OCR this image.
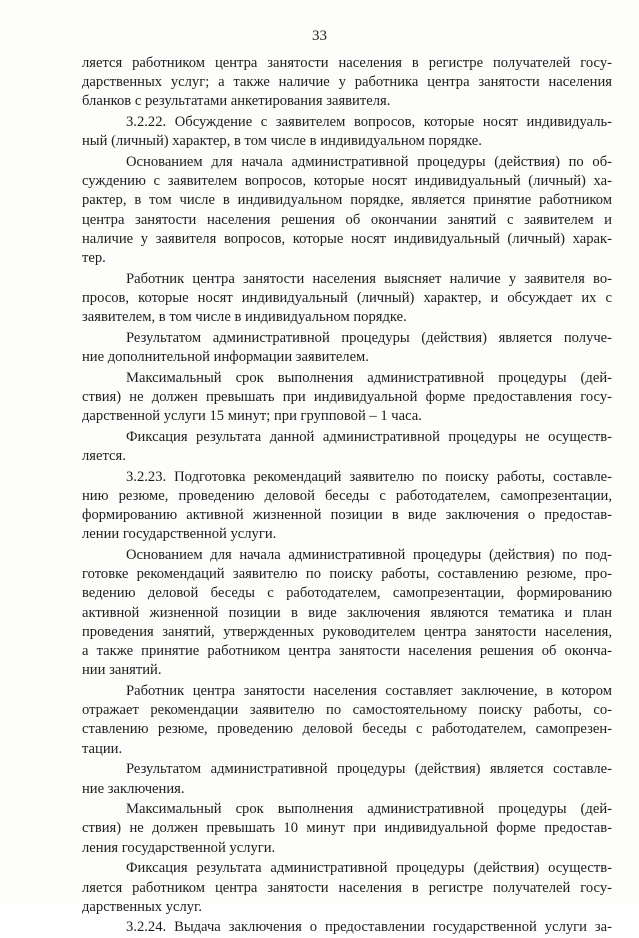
33
ляется работником центра занятости населения в регистре получателей госу-
дарственных услуг; а также наличие у работника центра занятости населения
бланков с результатами анкетирования заявителя.
3.2.22. Обсуждение с заявителем вопросов, которые носят индивидуаль-
ный (личный) характер, в том числе в индивидуальном порядке.
Основанием для начала административной процедуры (действия) по об-
суждению с заявителем вопросов, которые носят индивидуальный (личный) ха-
рактер, в том числе в индивидуальном порядке, является принятие работником
центра занятости населения решения об окончании занятий с заявителем и
наличие у заявителя вопросов, которые носят индивидуальный (личный) харак-
тер.
Работник центра занятости населения выясняет наличие у заявителя во-
просов, которые носят индивидуальный (личный) характер, и обсуждает их с
заявителем, в том числе в индивидуальном порядке.
Результатом административной процедуры (действия) является получе-
ние дополнительной информации заявителем.
Максимальный срок выполнения административной процедуры (дей-
ствия) не должен превышать при индивидуальной форме предоставления госу-
дарственной услуги 15 минут; при групповой – 1 часа.
Фиксация результата данной административной процедуры не осуществ-
ляется.
3.2.23. Подготовка рекомендаций заявителю по поиску работы, составле-
нию резюме, проведению деловой беседы с работодателем, самопрезентации,
формированию активной жизненной позиции в виде заключения о предостав-
лении государственной услуги.
Основанием для начала административной процедуры (действия) по под-
готовке рекомендаций заявителю по поиску работы, составлению резюме, про-
ведению деловой беседы с работодателем, самопрезентации, формированию
активной жизненной позиции в виде заключения являются тематика и план
проведения занятий, утвержденных руководителем центра занятости населения,
а также принятие работником центра занятости населения решения об оконча-
нии занятий.
Работник центра занятости населения составляет заключение, в котором
отражает рекомендации заявителю по самостоятельному поиску работы, со-
ставлению резюме, проведению деловой беседы с работодателем, самопрезен-
тации.
Результатом административной процедуры (действия) является составле-
ние заключения.
Максимальный срок выполнения административной процедуры (дей-
ствия) не должен превышать 10 минут при индивидуальной форме предостав-
ления государственной услуги.
Фиксация результата административной процедуры (действия) осуществ-
ляется работником центра занятости населения в регистре получателей госу-
дарственных услуг.
3.2.24. Выдача заключения о предоставлении государственной услуги за-
